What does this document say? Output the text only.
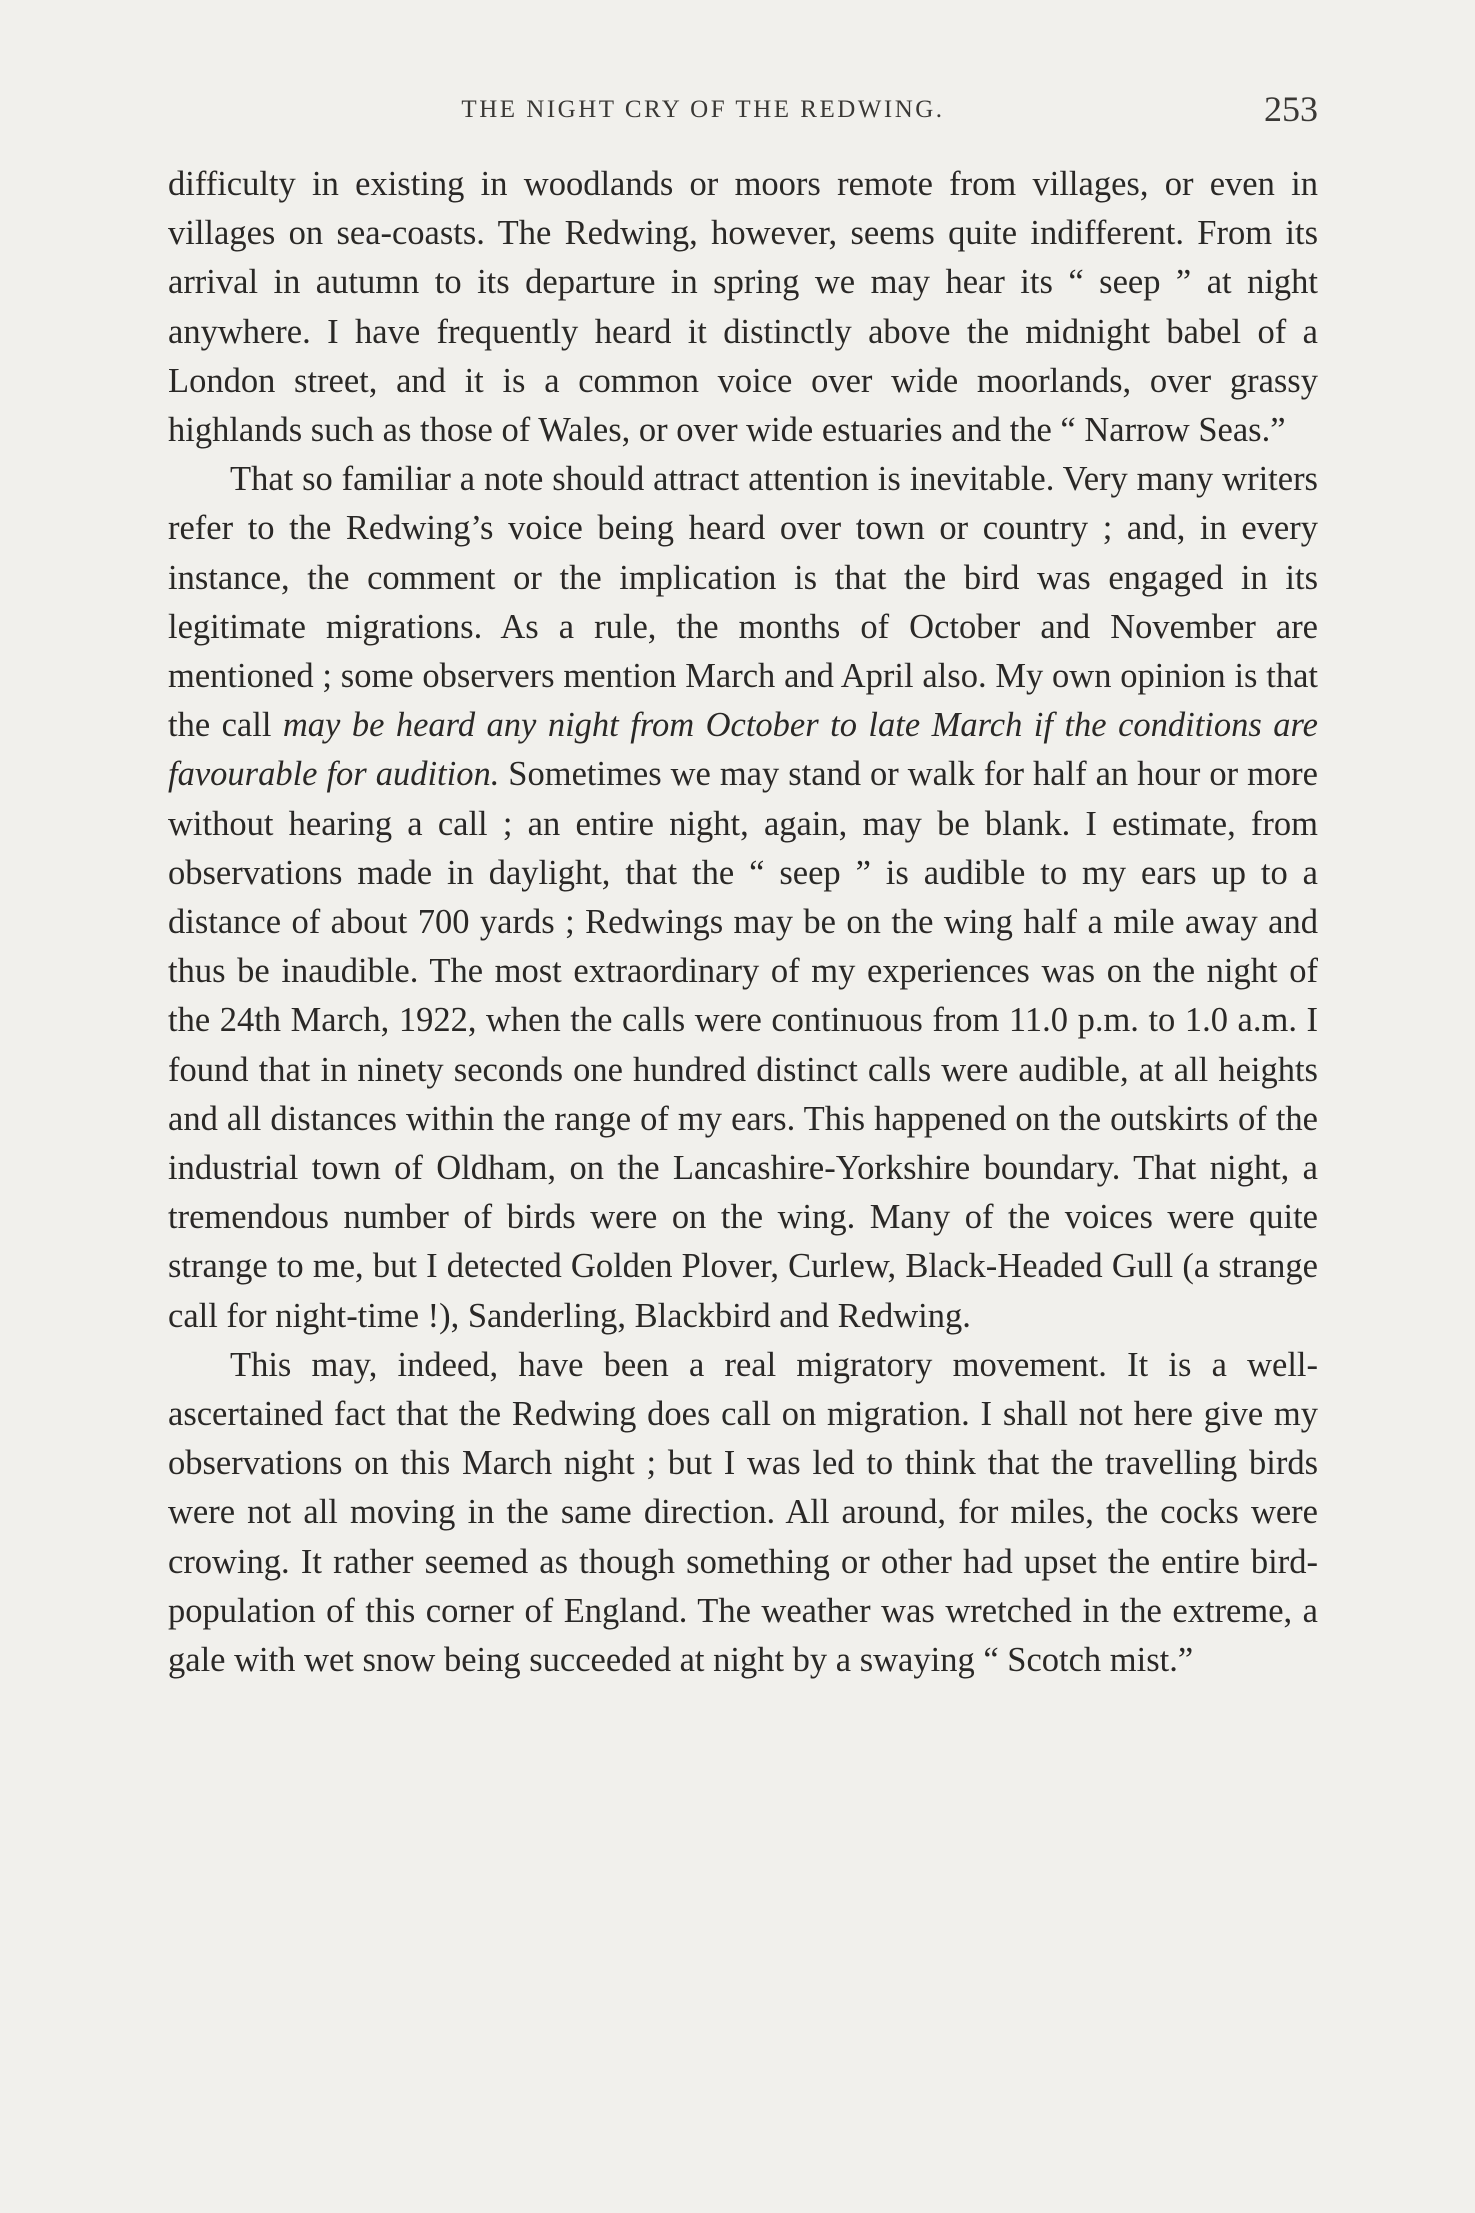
THE NIGHT CRY OF THE REDWING.	253

difficulty in existing in woodlands or moors remote from villages, or even in villages on sea-coasts. The Redwing, however, seems quite indifferent. From its arrival in autumn to its departure in spring we may hear its “ seep ” at night anywhere. I have frequently heard it distinctly above the midnight babel of a London street, and it is a common voice over wide moorlands, over grassy highlands such as those of Wales, or over wide estuaries and the “ Narrow Seas.”

That so familiar a note should attract attention is inevitable. Very many writers refer to the Redwing’s voice being heard over town or country ; and, in every instance, the comment or the implication is that the bird was engaged in its legitimate migrations. As a rule, the months of October and November are mentioned ; some observers mention March and April also. My own opinion is that the call may be heard any night from October to late March if the conditions are favourable for audition. Sometimes we may stand or walk for half an hour or more without hearing a call ; an entire night, again, may be blank. I estimate, from observations made in daylight, that the “ seep ” is audible to my ears up to a distance of about 700 yards ; Redwings may be on the wing half a mile away and thus be inaudible. The most extraordinary of my experiences was on the night of the 24th March, 1922, when the calls were continuous from 11.0 p.m. to 1.0 a.m. I found that in ninety seconds one hundred distinct calls were audible, at all heights and all distances within the range of my ears. This happened on the outskirts of the industrial town of Oldham, on the Lancashire-Yorkshire boundary. That night, a tremendous number of birds were on the wing. Many of the voices were quite strange to me, but I detected Golden Plover, Curlew, Black-Headed Gull (a strange call for night-time !), Sanderling, Blackbird and Redwing.

This may, indeed, have been a real migratory movement. It is a well-ascertained fact that the Redwing does call on migration. I shall not here give my observations on this March night ; but I was led to think that the travelling birds were not all moving in the same direction. All around, for miles, the cocks were crowing. It rather seemed as though something or other had upset the entire bird-population of this corner of England. The weather was wretched in the extreme, a gale with wet snow being succeeded at night by a swaying “ Scotch mist.”
